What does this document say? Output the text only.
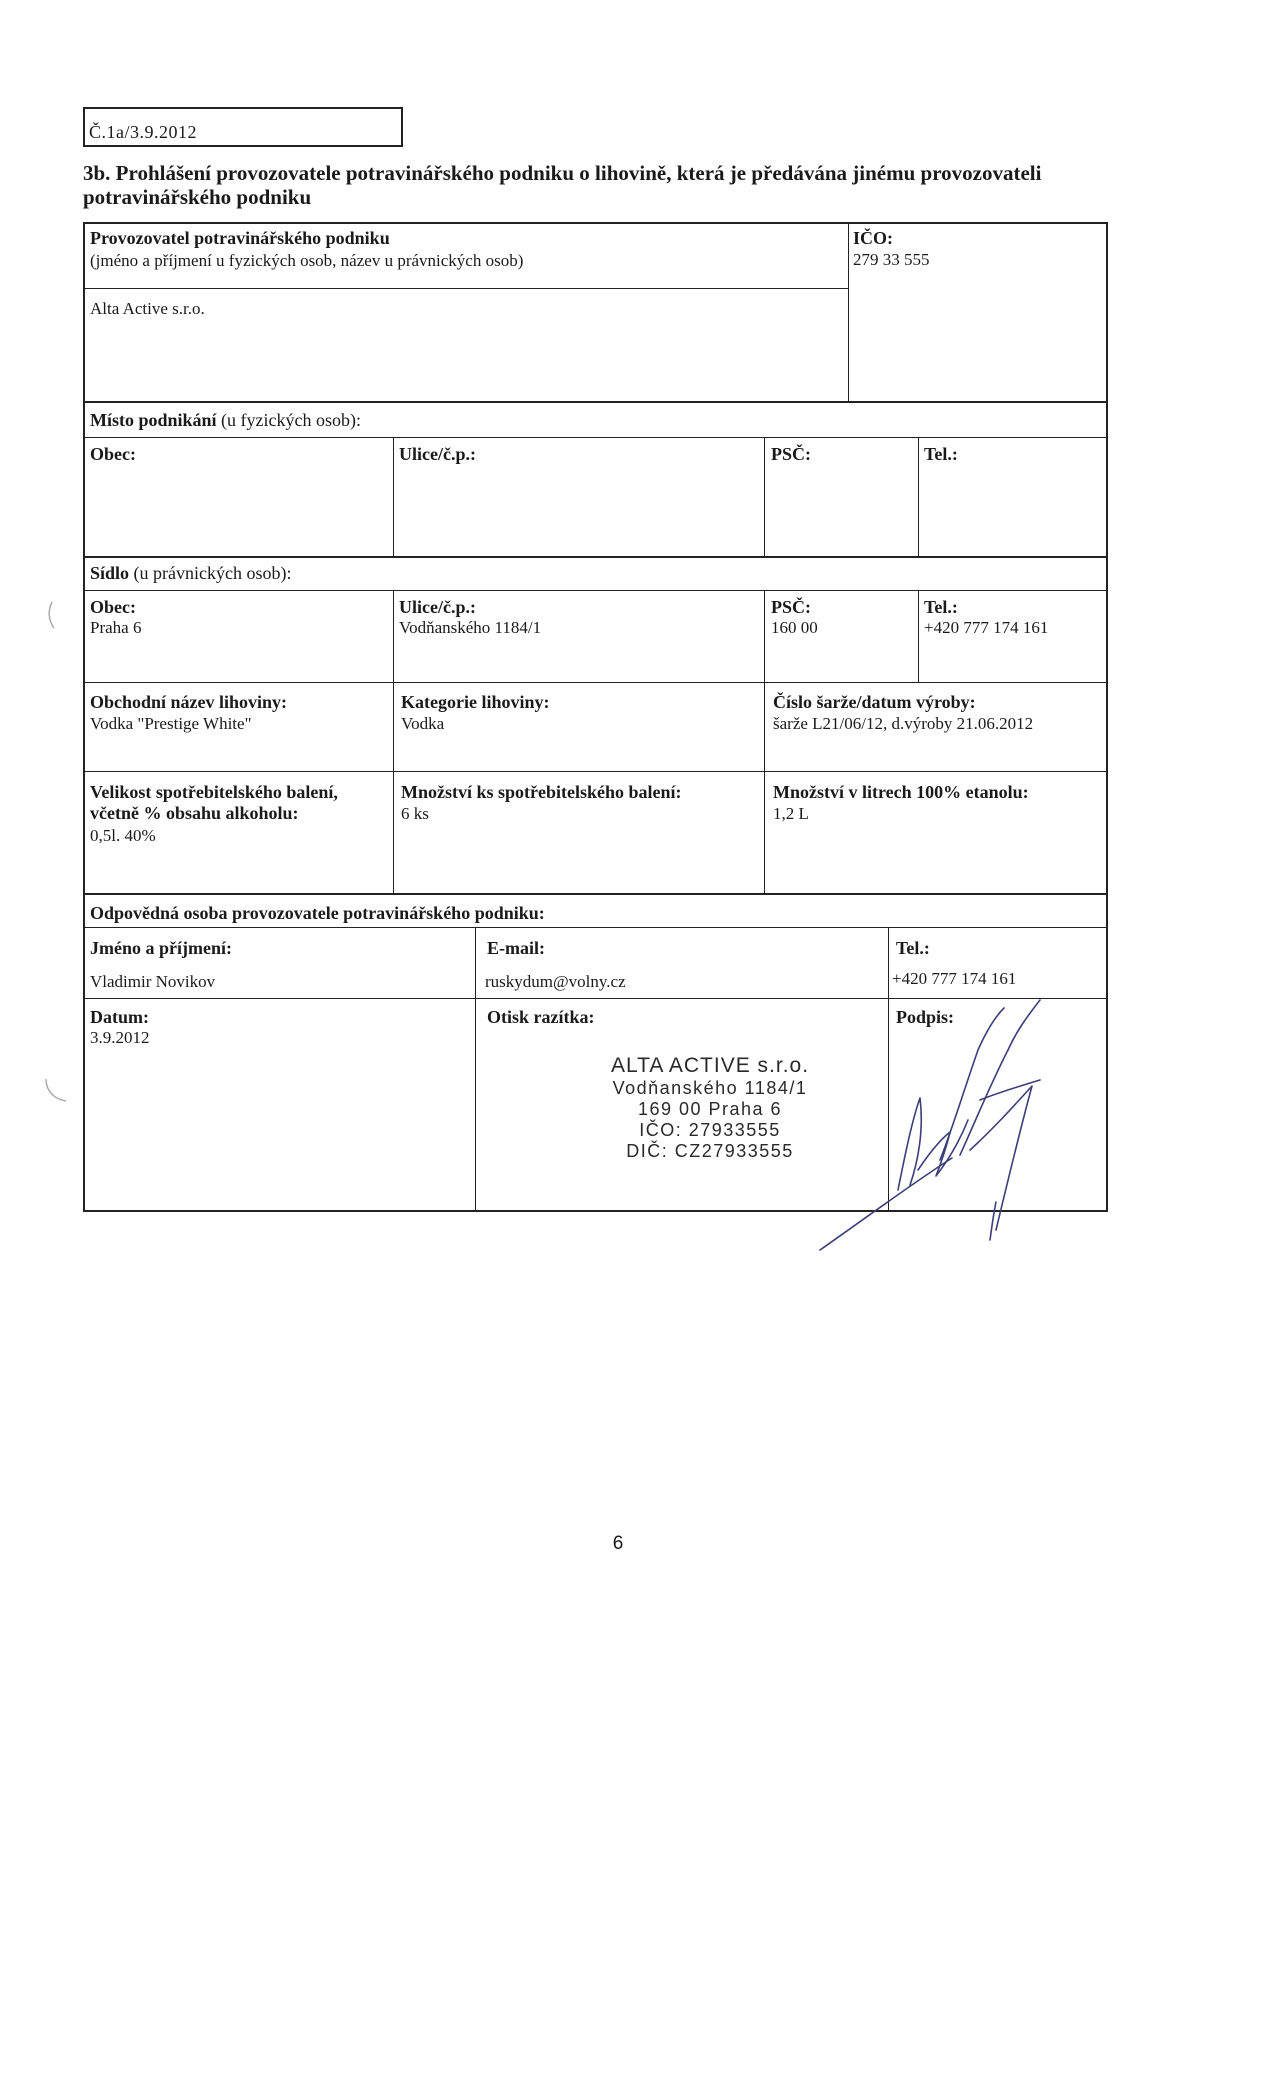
Č.1a/3.9.2012
3b. Prohlášení provozovatele potravinářského podniku o lihovině, která je předávána jinému provozovateli potravinářského podniku
Provozovatel potravinářského podniku
(jméno a příjmení u fyzických osob, název u právnických osob)
Alta Active s.r.o.
IČO:
279 33 555
Místo podnikání (u fyzických osob):
Obec:	Ulice/č.p.:	PSČ:	Tel.:
Sídlo (u právnických osob):
Obec:
Praha 6
Ulice/č.p.:
Vodňanského 1184/1
PSČ:
160 00
Tel.:
+420 777 174 161
Obchodní název lihoviny:
Vodka "Prestige White"
Kategorie lihoviny:
Vodka
Číslo šarže/datum výroby:
šarže L21/06/12, d.výroby 21.06.2012
Velikost spotřebitelského balení,
včetně % obsahu alkoholu:
0,5l. 40%
Množství ks spotřebitelského balení:
6 ks
Množství v litrech 100% etanolu:
1,2 L
Odpovědná osoba provozovatele potravinářského podniku:
Jméno a příjmení:
Vladimir Novikov
E-mail:
ruskydum@volny.cz
Tel.:
+420 777 174 161
Datum:
3.9.2012
Otisk razítka:	Podpis:
ALTA ACTIVE s.r.o.
Vodňanského 1184/1
169 00 Praha 6
IČO: 27933555
DIČ: CZ27933555
6
